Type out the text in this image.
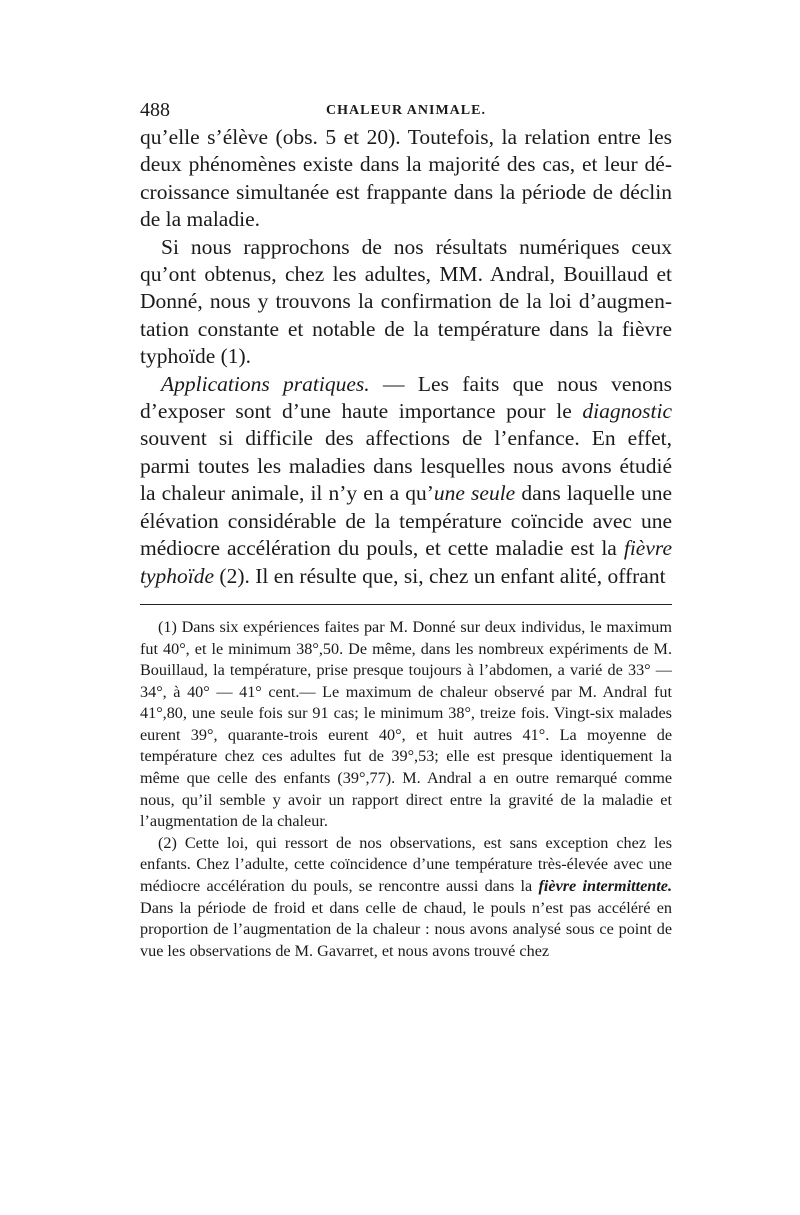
488	CHALEUR ANIMALE.

qu’elle s’élève (obs. 5 et 20). Toutefois, la relation entre les deux phénomènes existe dans la majorité des cas, et leur décroissance simultanée est frappante dans la période de déclin de la maladie.

Si nous rapprochons de nos résultats numériques ceux qu’ont obtenus, chez les adultes, MM. Andral, Bouillaud et Donné, nous y trouvons la confirmation de la loi d’augmentation constante et notable de la température dans la fièvre typhoïde (1).

Applications pratiques. — Les faits que nous venons d’exposer sont d’une haute importance pour le diagnostic souvent si difficile des affections de l’enfance. En effet, parmi toutes les maladies dans lesquelles nous avons étudié la chaleur animale, il n’y en a qu’une seule dans laquelle une élévation considérable de la température coïncide avec une médiocre accélération du pouls, et cette maladie est la fièvre typhoïde (2). Il en résulte que, si, chez un enfant alité, offrant

(1) Dans six expériences faites par M. Donné sur deux individus, le maximum fut 40°, et le minimum 38°,50. De même, dans les nombreux expériments de M. Bouillaud, la température, prise presque toujours à l’abdomen, a varié de 33° — 34°, à 40° — 41° cent.— Le maximum de chaleur observé par M. Andral fut 41°,80, une seule fois sur 91 cas; le minimum 38°, treize fois. Vingt-six malades eurent 39°, quarante-trois eurent 40°, et huit autres 41°. La moyenne de température chez ces adultes fut de 39°,53; elle est presque identiquement la même que celle des enfants (39°,77). M. Andral a en outre remarqué comme nous, qu’il semble y avoir un rapport direct entre la gravité de la maladie et l’augmentation de la chaleur.

(2) Cette loi, qui ressort de nos observations, est sans exception chez les enfants. Chez l’adulte, cette coïncidence d’une température très-élevée avec une médiocre accélération du pouls, se rencontre aussi dans la fièvre intermittente. Dans la période de froid et dans celle de chaud, le pouls n’est pas accéléré en proportion de l’augmentation de la chaleur : nous avons analysé sous ce point de vue les observations de M. Gavarret, et nous avons trouvé chez
